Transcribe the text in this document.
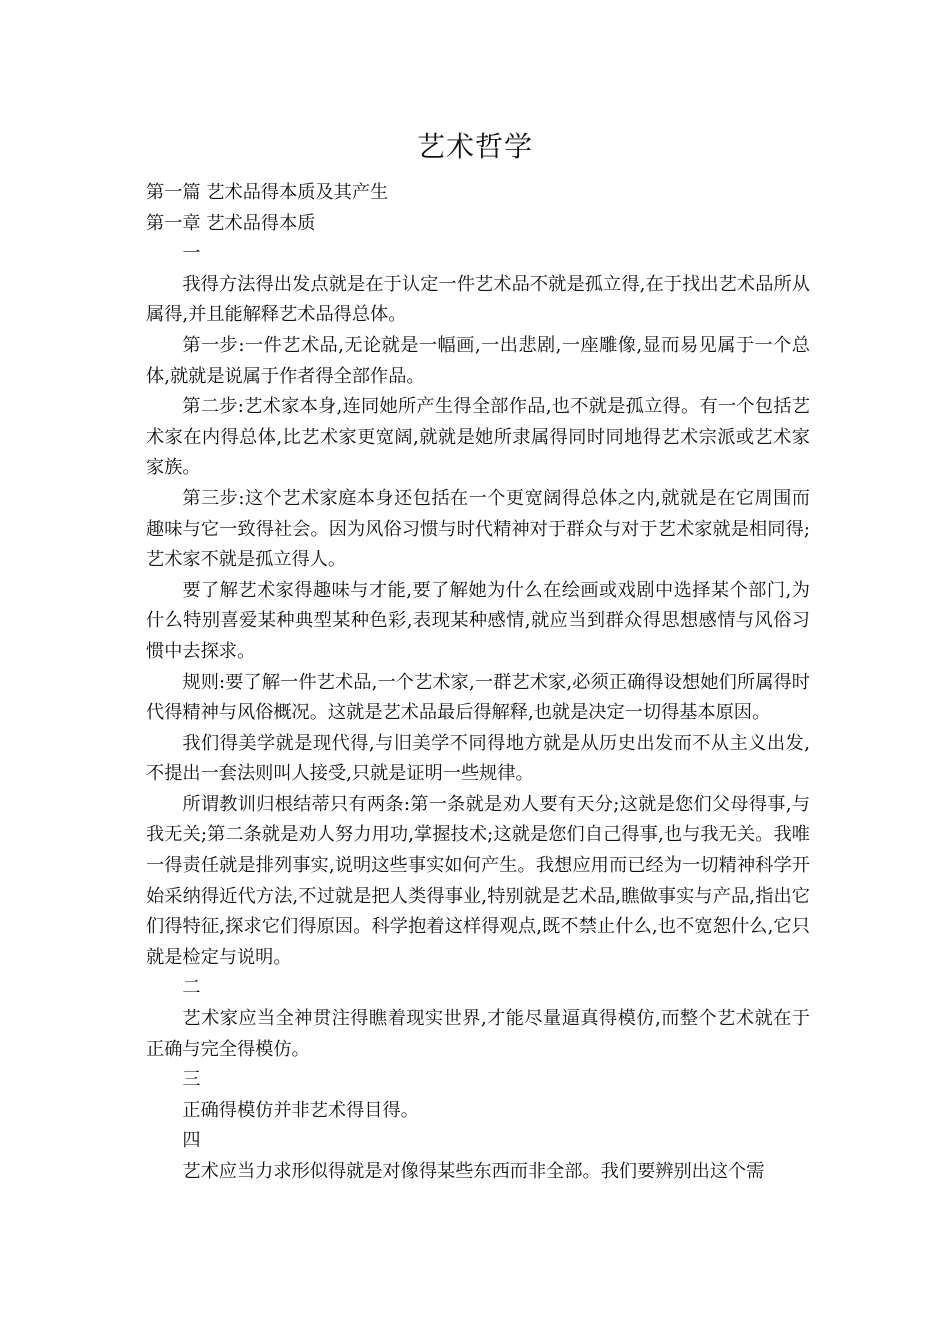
艺术哲学

第一篇 艺术品得本质及其产生

第一章 艺术品得本质

一

我得方法得出发点就是在于认定一件艺术品不就是孤立得,在于找出艺术品所从属得,并且能解释艺术品得总体。

第一步:一件艺术品,无论就是一幅画,一出悲剧,一座雕像,显而易见属于一个总体,就就是说属于作者得全部作品。

第二步:艺术家本身,连同她所产生得全部作品,也不就是孤立得。有一个包括艺术家在内得总体,比艺术家更宽阔,就就是她所隶属得同时同地得艺术宗派或艺术家家族。

第三步:这个艺术家庭本身还包括在一个更宽阔得总体之内,就就是在它周围而趣味与它一致得社会。因为风俗习惯与时代精神对于群众与对于艺术家就是相同得;艺术家不就是孤立得人。

要了解艺术家得趣味与才能,要了解她为什么在绘画或戏剧中选择某个部门,为什么特别喜爱某种典型某种色彩,表现某种感情,就应当到群众得思想感情与风俗习惯中去探求。

规则:要了解一件艺术品,一个艺术家,一群艺术家,必须正确得设想她们所属得时代得精神与风俗概况。这就是艺术品最后得解释,也就是决定一切得基本原因。

我们得美学就是现代得,与旧美学不同得地方就是从历史出发而不从主义出发,不提出一套法则叫人接受,只就是证明一些规律。

所谓教训归根结蒂只有两条:第一条就是劝人要有天分;这就是您们父母得事,与我无关;第二条就是劝人努力用功,掌握技术;这就是您们自己得事,也与我无关。我唯一得责任就是排列事实,说明这些事实如何产生。我想应用而已经为一切精神科学开始采纳得近代方法,不过就是把人类得事业,特别就是艺术品,瞧做事实与产品,指出它们得特征,探求它们得原因。科学抱着这样得观点,既不禁止什么,也不宽恕什么,它只就是检定与说明。

二

艺术家应当全神贯注得瞧着现实世界,才能尽量逼真得模仿,而整个艺术就在于正确与完全得模仿。

三

正确得模仿并非艺术得目得。

四

艺术应当力求形似得就是对像得某些东西而非全部。我们要辨别出这个需
